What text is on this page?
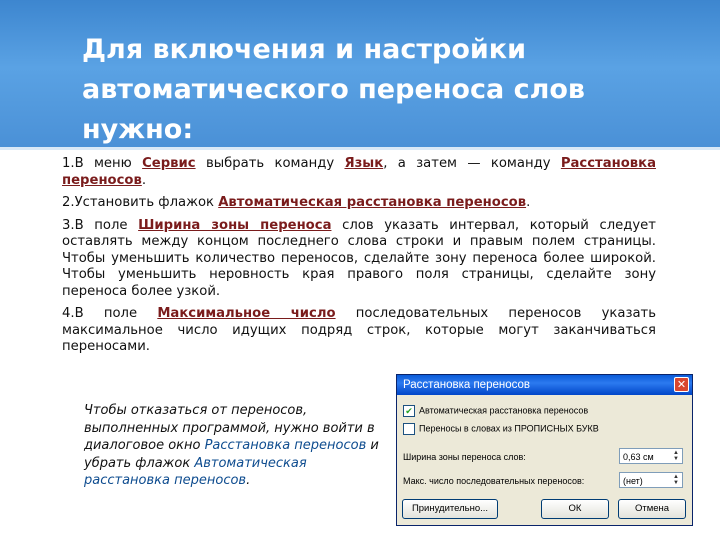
Для включения и настройки автоматического переноса слов нужно:

1.В меню Сервис выбрать команду Язык, а затем — команду Расстановка переносов.

2.Установить флажок Автоматическая расстановка переносов.

3.В поле Ширина зоны переноса слов указать интервал, который следует оставлять между концом последнего слова строки и правым полем страницы. Чтобы уменьшить количество переносов, сделайте зону переноса более широкой. Чтобы уменьшить неровность края правого поля страницы, сделайте зону переноса более узкой.

4.В поле Максимальное число последовательных переносов указать максимальное число идущих подряд строк, которые могут заканчиваться переносами.

Чтобы отказаться от переносов, выполненных программой, нужно войти в диалоговое окно Расстановка переносов и убрать флажок Автоматическая расстановка переносов.
Расстановка переносов	✕
✔ Автоматическая расстановка переносов
Переносы в словах из ПРОПИСНЫХ БУКВ
Ширина зоны переноса слов:	0,63 см	▲
▼
Макс. число последовательных переносов:	(нет)	▲
▼
Принудительно...	ОК	Отмена
